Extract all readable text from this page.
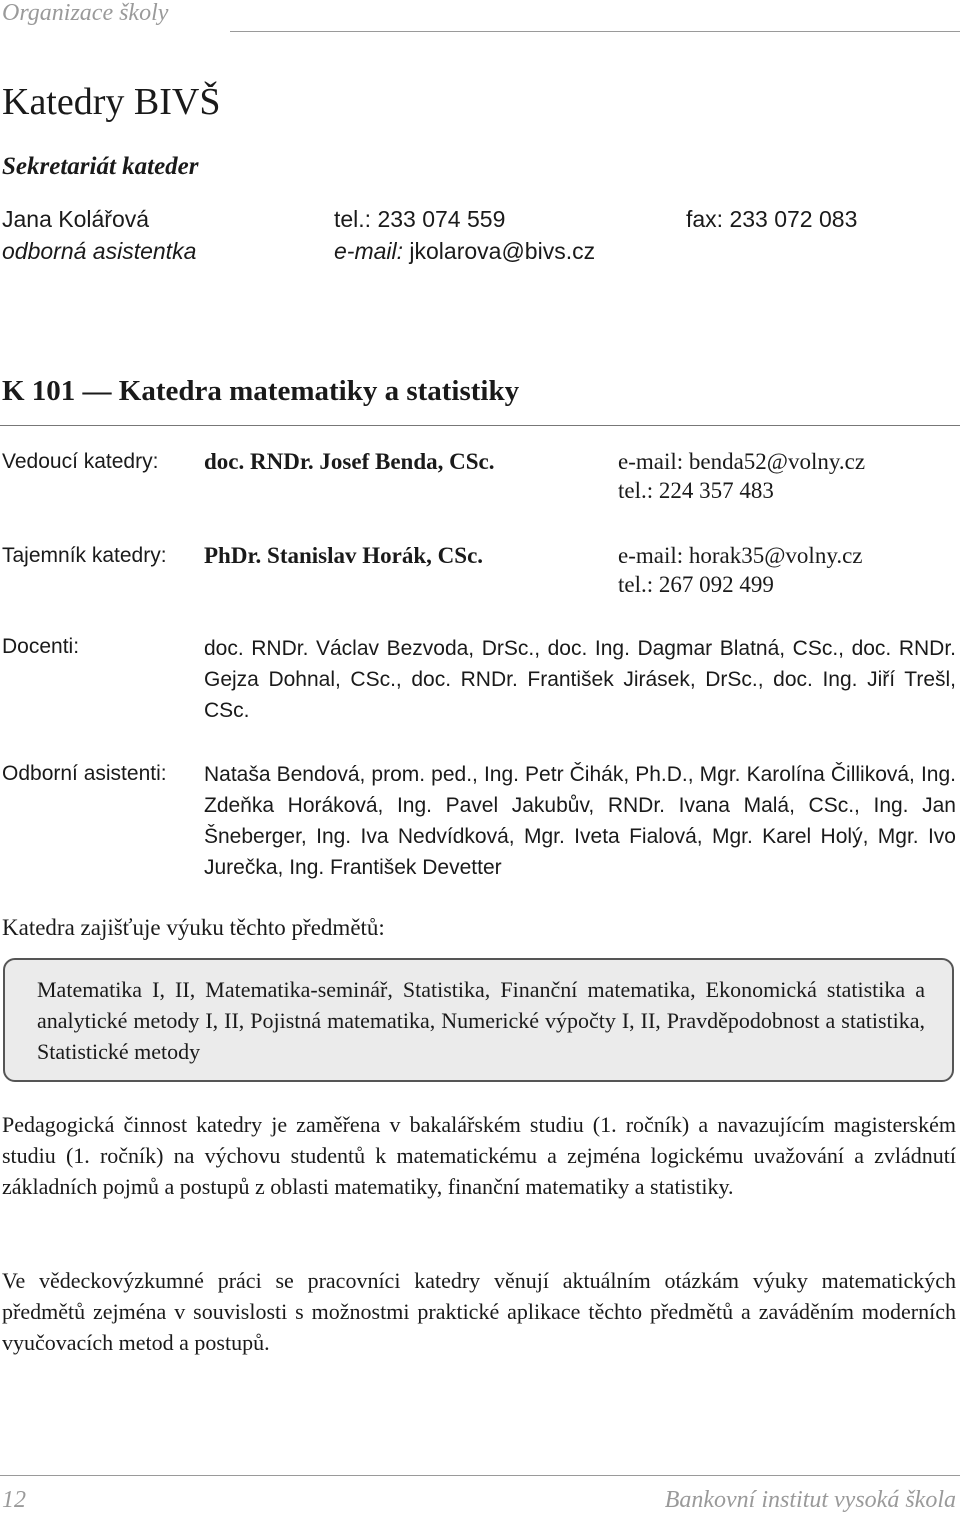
Organizace školy
Katedry BIVŠ
Sekretariát kateder
Jana Kolářová	tel.: 233 074 559	fax: 233 072 083
odborná asistentka	e-mail: jkolarova@bivs.cz
K 101 — Katedra matematiky a statistiky
Vedoucí katedry: doc. RNDr. Josef Benda, CSc.	e-mail: benda52@volny.cz
tel.: 224 357 483
Tajemník katedry: PhDr. Stanislav Horák, CSc.	e-mail: horak35@volny.cz
tel.: 267 092 499
Docenti:	doc. RNDr. Václav Bezvoda, DrSc., doc. Ing. Dagmar Blatná, CSc., doc. RNDr. Gejza Dohnal, CSc., doc. RNDr. František Jirásek, DrSc., doc. Ing. Jiří Trešl, CSc.
Odborní asistenti: Nataša Bendová, prom. ped., Ing. Petr Čihák, Ph.D., Mgr. Karolína Čilliková, Ing. Zdeňka Horáková, Ing. Pavel Jakubův, RNDr. Ivana Malá, CSc., Ing. Jan Šneberger, Ing. Iva Nedvídková, Mgr. Iveta Fialová, Mgr. Karel Holý, Mgr. Ivo Jurečka, Ing. František Devetter
Katedra zajišťuje výuku těchto předmětů:
Matematika I, II, Matematika-seminář, Statistika, Finanční matematika, Ekonomická statistika a analytické metody I, II, Pojistná matematika, Numerické výpočty I, II, Pravděpodobnost a statistika, Statistické metody
Pedagogická činnost katedry je zaměřena v bakalářském studiu (1. ročník) a navazujícím magisterském studiu (1. ročník) na výchovu studentů k matematickému a zejména logickému uvažování a zvládnutí základních pojmů a postupů z oblasti matematiky, finanční matematiky a statistiky.
Ve vědeckovýzkumné práci se pracovníci katedry věnují aktuálním otázkám výuky matematických předmětů zejména v souvislosti s možnostmi praktické aplikace těchto předmětů a zaváděním moderních vyučovacích metod a postupů.
12	Bankovní institut vysoká škola
